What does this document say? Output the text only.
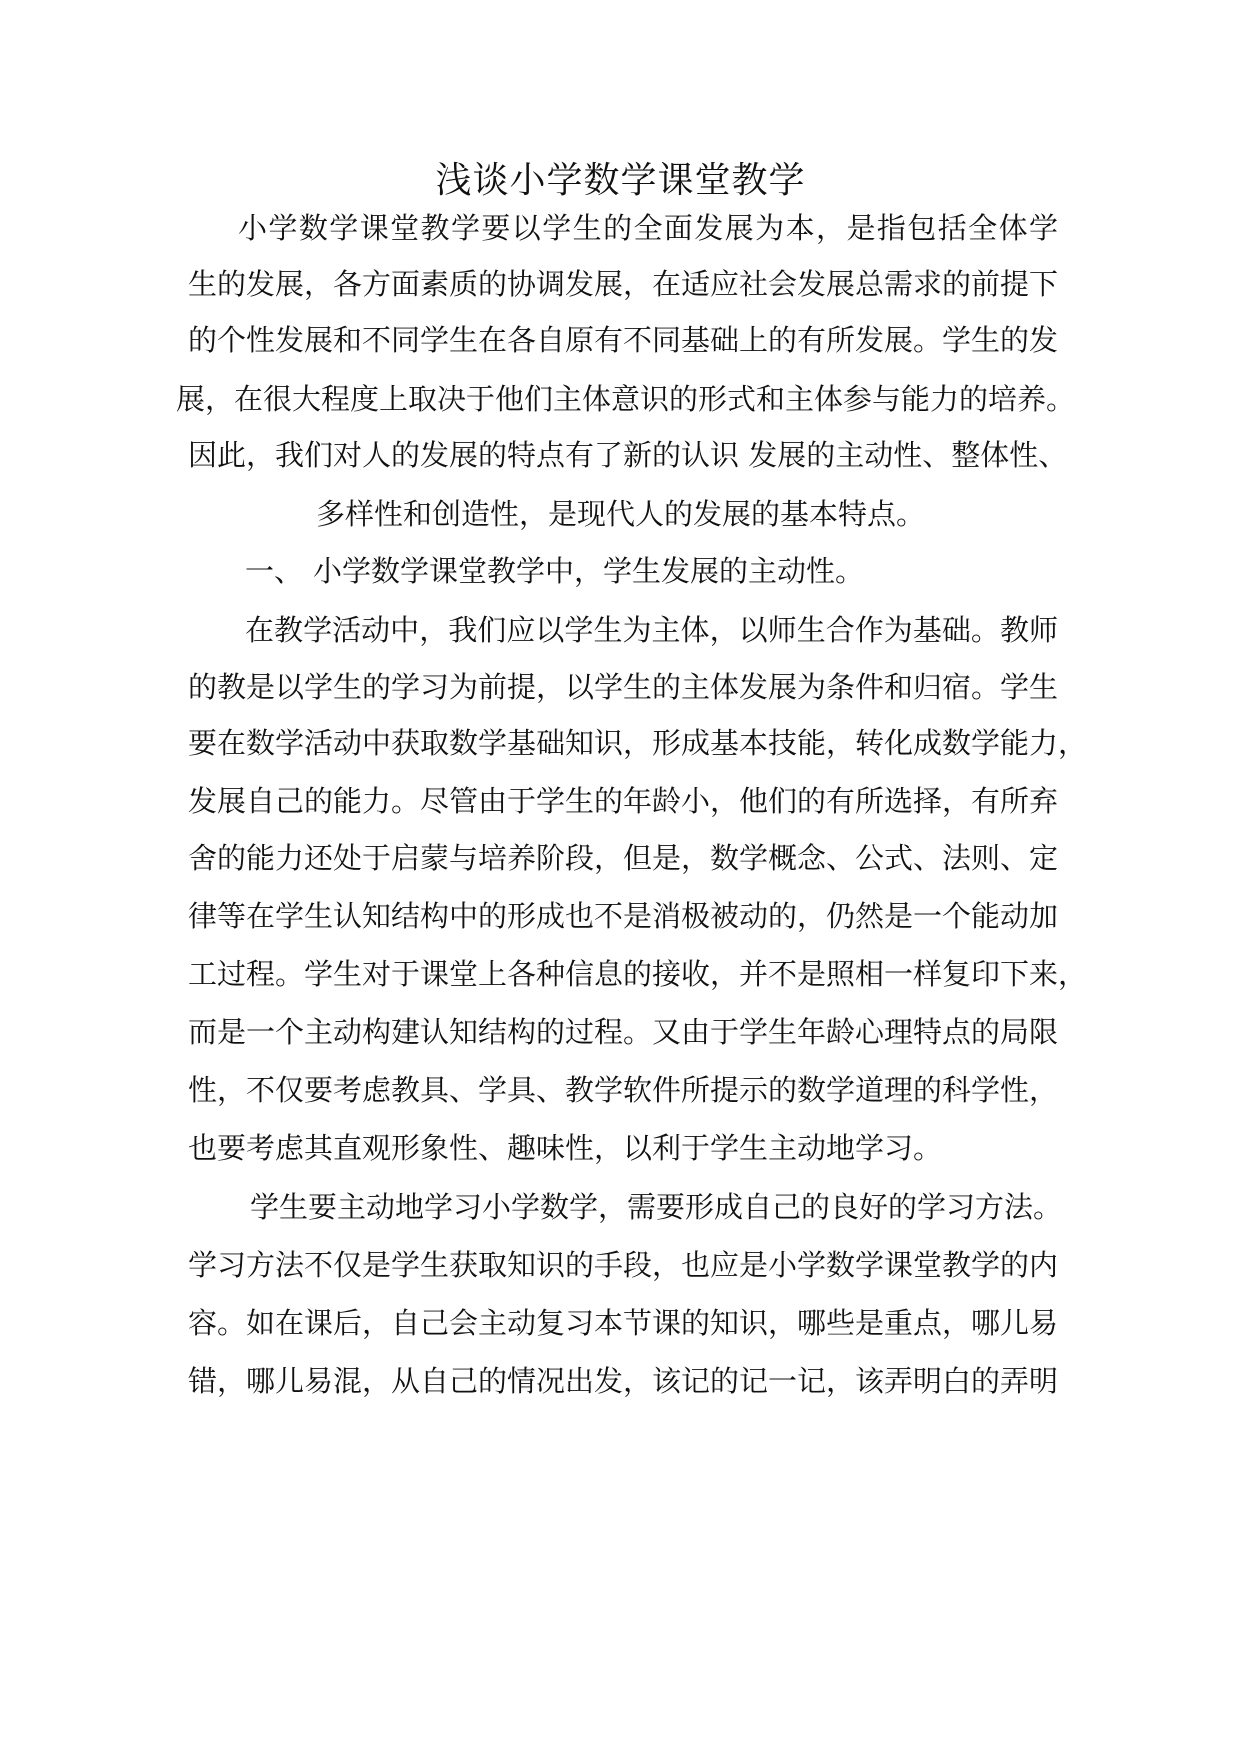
浅谈小学数学课堂教学
小学数学课堂教学要以学生的全面发展为本，是指包括全体学
生的发展，各方面素质的协调发展，在适应社会发展总需求的前提下
的个性发展和不同学生在各自原有不同基础上的有所发展。学生的发
展，在很大程度上取决于他们主体意识的形式和主体参与能力的培养。
因此，我们对人的发展的特点有了新的认识 发展的主动性、整体性、
多样性和创造性，是现代人的发展的基本特点。
一、 小学数学课堂教学中，学生发展的主动性。
在教学活动中，我们应以学生为主体，以师生合作为基础。教师
的教是以学生的学习为前提，以学生的主体发展为条件和归宿。学生
要在数学活动中获取数学基础知识，形成基本技能，转化成数学能力，
发展自己的能力。尽管由于学生的年龄小，他们的有所选择，有所弃
舍的能力还处于启蒙与培养阶段，但是，数学概念、公式、法则、定
律等在学生认知结构中的形成也不是消极被动的，仍然是一个能动加
工过程。学生对于课堂上各种信息的接收，并不是照相一样复印下来，
而是一个主动构建认知结构的过程。又由于学生年龄心理特点的局限
性，不仅要考虑教具、学具、教学软件所提示的数学道理的科学性，
也要考虑其直观形象性、趣味性，以利于学生主动地学习。
学生要主动地学习小学数学，需要形成自己的良好的学习方法。
学习方法不仅是学生获取知识的手段，也应是小学数学课堂教学的内
容。如在课后，自己会主动复习本节课的知识，哪些是重点，哪儿易
错，哪儿易混，从自己的情况出发，该记的记一记，该弄明白的弄明
